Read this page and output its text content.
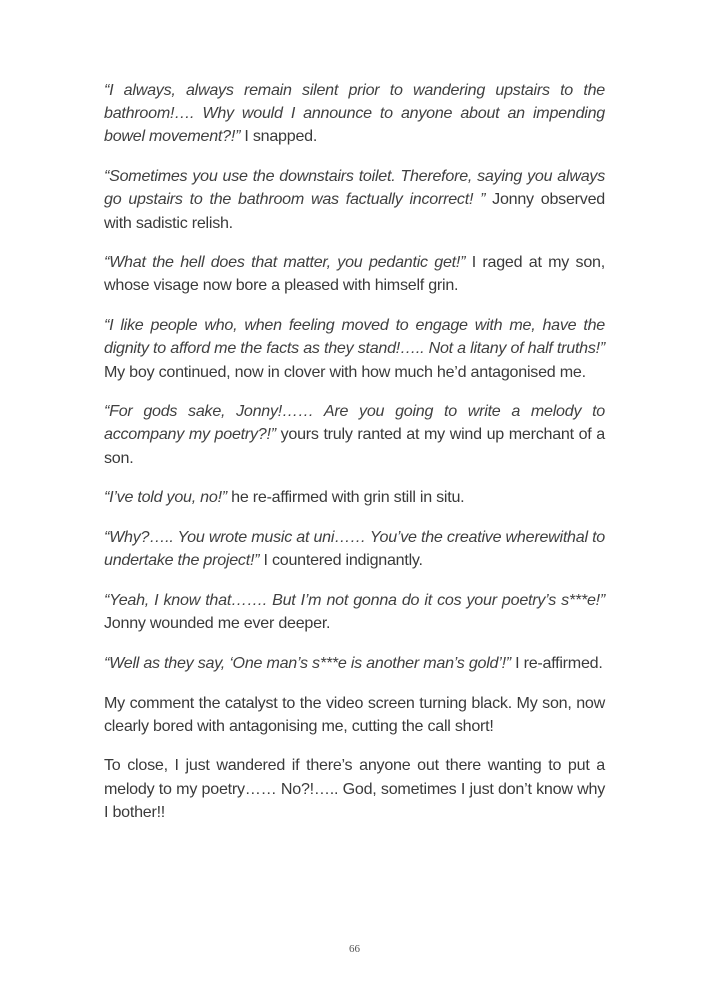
“I always, always remain silent prior to wandering upstairs to the bathroom!…. Why would I announce to anyone about an impending bowel movement?!” I snapped.

“Sometimes you use the downstairs toilet. Therefore, saying you always go upstairs to the bathroom was factually incorrect! ” Jonny observed with sadistic relish.

“What the hell does that matter, you pedantic get!” I raged at my son, whose visage now bore a pleased with himself grin.

“I like people who, when feeling moved to engage with me, have the dignity to afford me the facts as they stand!….. Not a litany of half truths!” My boy continued, now in clover with how much he’d antagonised me.

“For gods sake, Jonny!…… Are you going to write a melody to accompany my poetry?!” yours truly ranted at my wind up merchant of a son.

“I’ve told you, no!” he re-affirmed with grin still in situ.

“Why?….. You wrote music at uni…… You’ve the creative wherewithal to undertake the project!” I countered indignantly.

“Yeah, I know that……. But I’m not gonna do it cos your poetry’s s***e!” Jonny wounded me ever deeper.

“Well as they say, ‘One man’s s***e is another man’s gold’!” I re-affirmed.

My comment the catalyst to the video screen turning black. My son, now clearly bored with antagonising me, cutting the call short!

To close, I just wandered if there’s anyone out there wanting to put a melody to my poetry…… No?!….. God, sometimes I just don’t know why I bother!!

66
